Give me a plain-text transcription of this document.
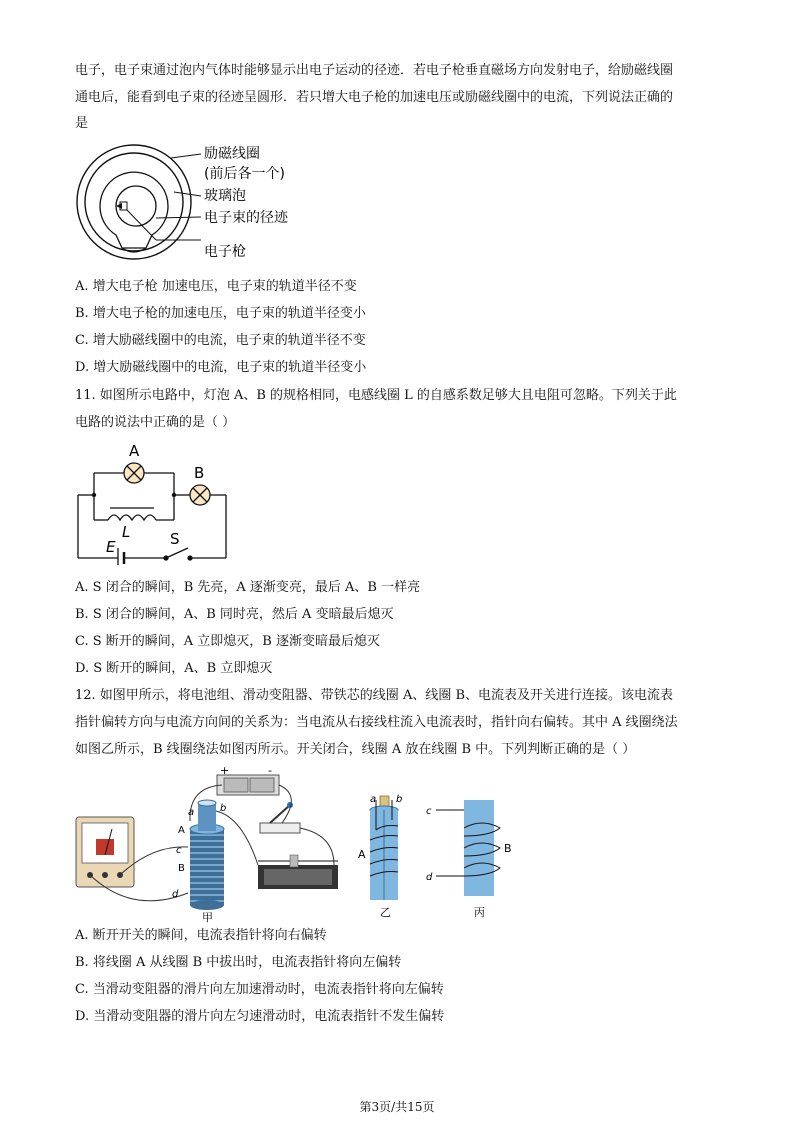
电子，电子束通过泡内气体时能够显示出电子运动的径迹．若电子枪垂直磁场方向发射电子，给励磁线圈
通电后，能看到电子束的径迹呈圆形．若只增大电子枪的加速电压或励磁线圈中的电流，下列说法正确的
是
励磁线圈
(前后各一个)
玻璃泡
电子束的径迹
电子枪
A. 增大电子枪 加速电压，电子束的轨道半径不变
B. 增大电子枪的加速电压，电子束的轨道半径变小
C. 增大励磁线圈中的电流，电子束的轨道半径不变
D. 增大励磁线圈中的电流，电子束的轨道半径变小
11. 如图所示电路中，灯泡 A、B 的规格相同，电感线圈 L 的自感系数足够大且电阻可忽略。下列关于此
电路的说法中正确的是（ ）
A
B
L
E	S
A. S 闭合的瞬间，B 先亮，A 逐渐变亮，最后 A、B 一样亮
B. S 闭合的瞬间，A、B 同时亮，然后 A 变暗最后熄灭
C. S 断开的瞬间，A 立即熄灭，B 逐渐变暗最后熄灭
D. S 断开的瞬间，A、B 立即熄灭
12. 如图甲所示，将电池组、滑动变阻器、带铁芯的线圈 A、线圈 B、电流表及开关进行连接。该电流表
指针偏转方向与电流方向间的关系为：当电流从右接线柱流入电流表时，指针向右偏转。其中 A 线圈绕法
如图乙所示，B 线圈绕法如图丙所示。开关闭合，线圈 A 放在线圈 B 中。下列判断正确的是（ ）
a	b
A
c
B
d
+	-
甲
a b
A
乙
c
d
B
丙
A. 断开开关的瞬间，电流表指针将向右偏转
B. 将线圈 A 从线圈 B 中拔出时，电流表指针将向左偏转
C. 当滑动变阻器的滑片向左加速滑动时，电流表指针将向左偏转
D. 当滑动变阻器的滑片向左匀速滑动时，电流表指针不发生偏转
第3页/共15页
